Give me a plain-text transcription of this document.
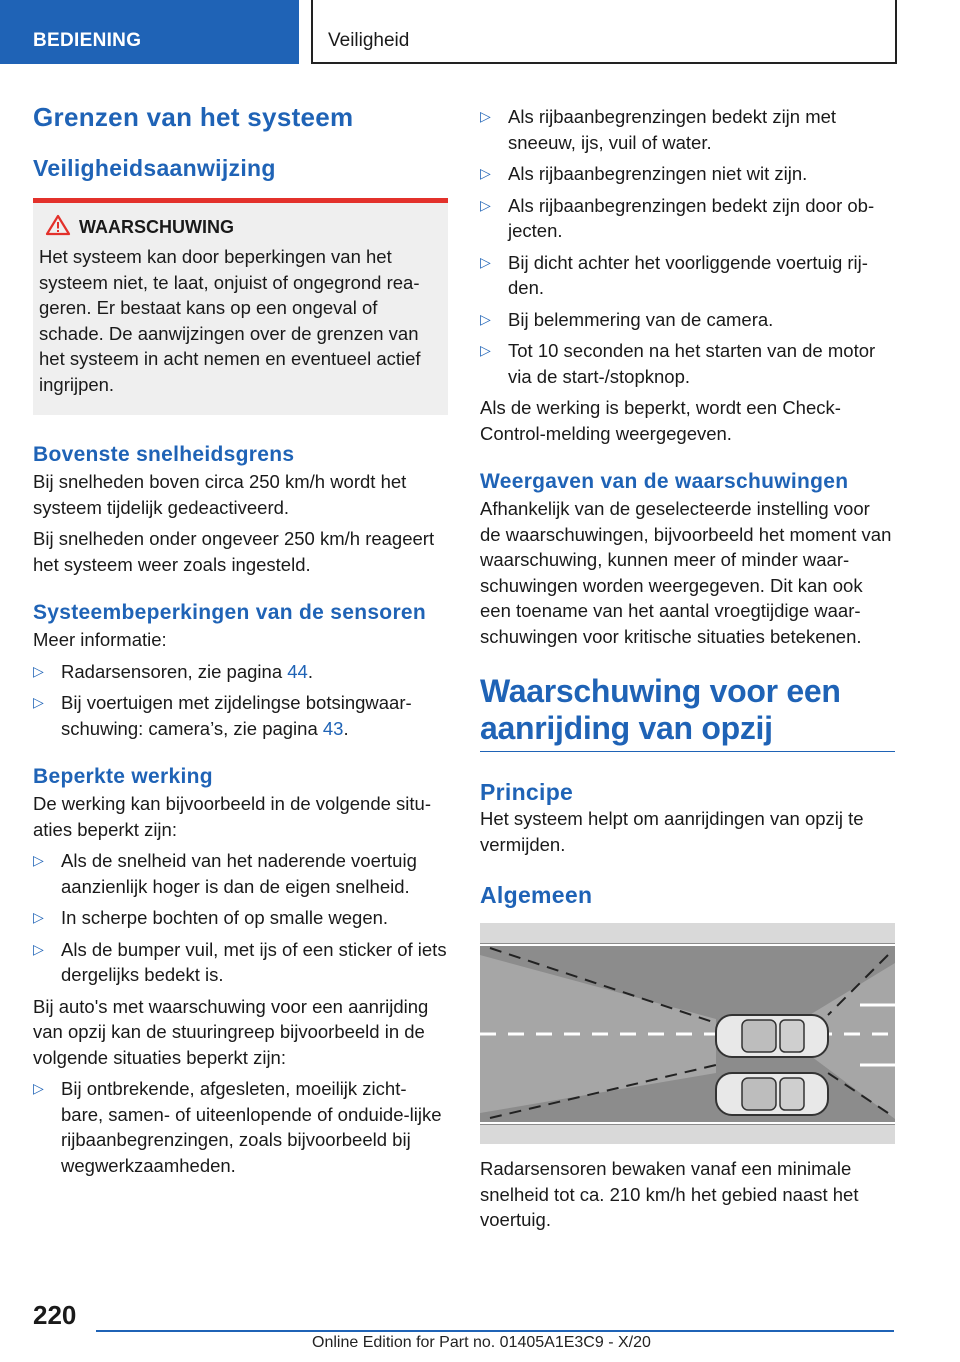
BEDIENING	Veiligheid
Grenzen van het systeem
Veiligheidsaanwijzing
WAARSCHUWING

Het systeem kan door beperkingen van het systeem niet, te laat, onjuist of ongegrond rea-geren. Er bestaat kans op een ongeval of schade. De aanwijzingen over de grenzen van het systeem in acht nemen en eventueel actief ingrijpen.

Bovenste snelheidsgrens

Bij snelheden boven circa 250 km/h wordt het systeem tijdelijk gedeactiveerd.

Bij snelheden onder ongeveer 250 km/h reageert het systeem weer zoals ingesteld.

Systeembeperkingen van de sensoren

Meer informatie:

▷ Radarsensoren, zie pagina 44.
▷ Bij voertuigen met zijdelingse botsingwaar-schuwing: camera’s, zie pagina 43.
Beperkte werking

De werking kan bijvoorbeeld in de volgende situ-aties beperkt zijn:

▷ Als de snelheid van het naderende voertuig aanzienlijk hoger is dan de eigen snelheid.
▷ In scherpe bochten of op smalle wegen.
▷ Als de bumper vuil, met ijs of een sticker of iets dergelijks bedekt is.

Bij auto's met waarschuwing voor een aanrijding van opzij kan de stuuringreep bijvoorbeeld in de volgende situaties beperkt zijn:

▷ Bij ontbrekende, afgesleten, moeilijk zicht-bare, samen- of uiteenlopende of onduide-lijke rijbaanbegrenzingen, zoals bijvoorbeeld bij wegwerkzaamheden.
▷ Als rijbaanbegrenzingen bedekt zijn met sneeuw, ijs, vuil of water.
▷ Als rijbaanbegrenzingen niet wit zijn.
▷ Als rijbaanbegrenzingen bedekt zijn door ob-jecten.
▷ Bij dicht achter het voorliggende voertuig rij-den.
▷ Bij belemmering van de camera.
▷ Tot 10 seconden na het starten van de motor via de start-/stopknop.

Als de werking is beperkt, wordt een Check-Control-melding weergegeven.

Weergaven van de waarschuwingen

Afhankelijk van de geselecteerde instelling voor de waarschuwingen, bijvoorbeeld het moment van waarschuwing, kunnen meer of minder waar-schuwingen worden weergegeven. Dit kan ook een toename van het aantal vroegtijdige waar-schuwingen voor kritische situaties betekenen.

Waarschuwing voor een aanrijding van opzij
Principe

Het systeem helpt om aanrijdingen van opzij te vermijden.

Algemeen

Radarsensoren bewaken vanaf een minimale snelheid tot ca. 210 km/h het gebied naast het voertuig.

220
Online Edition for Part no. 01405A1E3C9 - X/20
